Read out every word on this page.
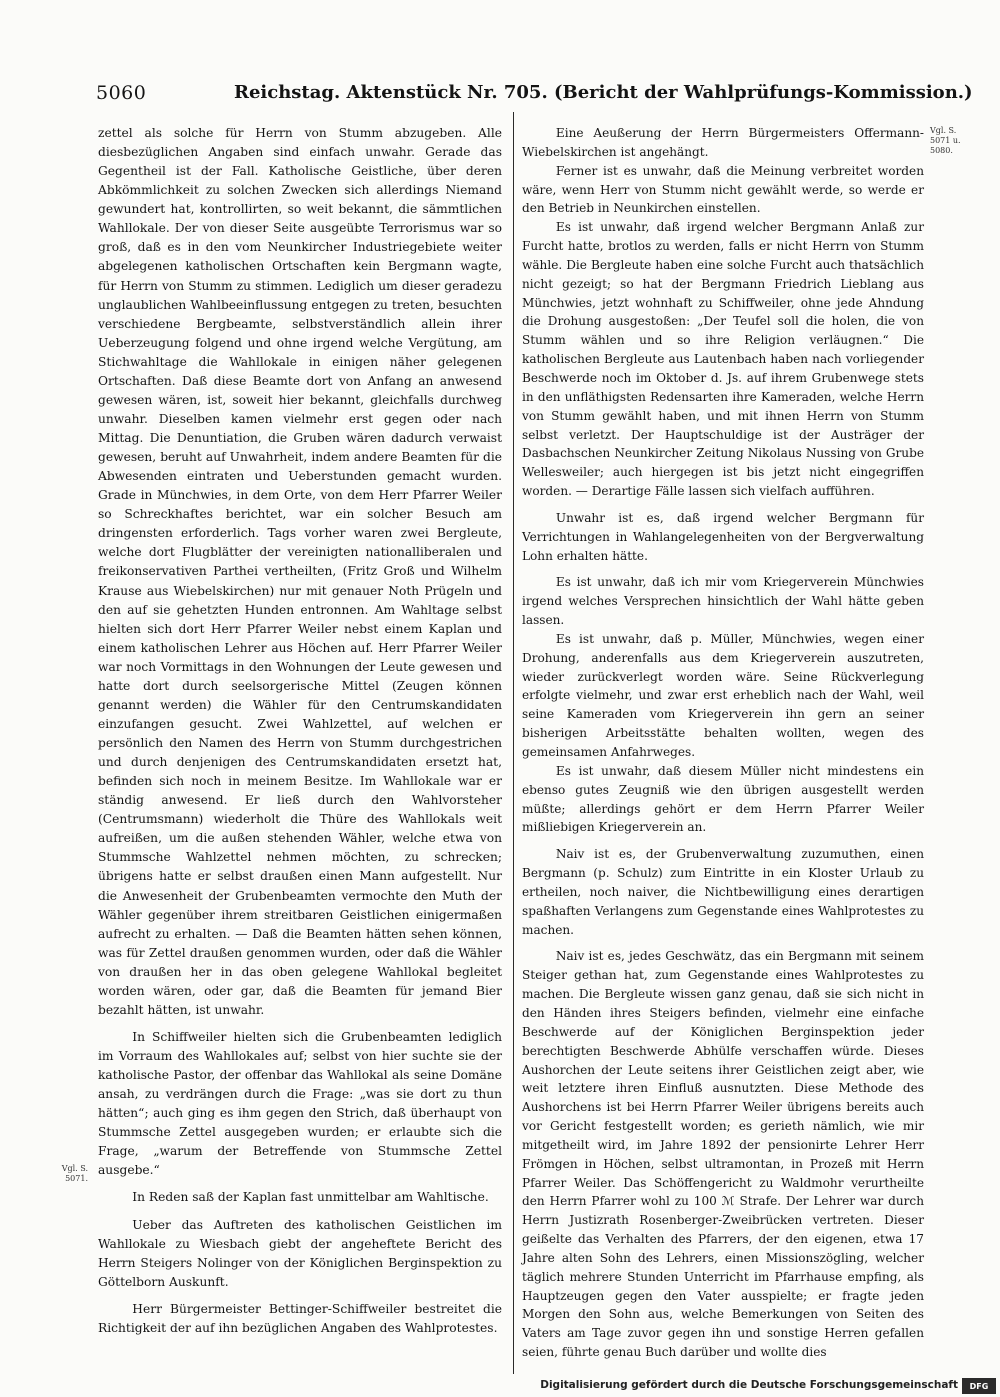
5060	Reichstag. Aktenstück Nr. 705. (Bericht der Wahlprüfungs-Kommission.)

zettel als solche für Herrn von Stumm abzugeben. Alle diesbezüglichen Angaben sind einfach unwahr. Gerade das Gegentheil ist der Fall. Katholische Geistliche, über deren Abkömmlichkeit zu solchen Zwecken sich allerdings Niemand gewundert hat, kontrollirten, so weit bekannt, die sämmtlichen Wahllokale. Der von dieser Seite ausgeübte Terrorismus war so groß, daß es in den vom Neunkircher Industriegebiete weiter abgelegenen katholischen Ortschaften kein Bergmann wagte, für Herrn von Stumm zu stimmen. Lediglich um dieser geradezu unglaublichen Wahlbeeinflussung entgegen zu treten, besuchten verschiedene Bergbeamte, selbstverständlich allein ihrer Ueberzeugung folgend und ohne irgend welche Vergütung, am Stichwahltage die Wahllokale in einigen näher gelegenen Ortschaften. Daß diese Beamte dort von Anfang an anwesend gewesen wären, ist, soweit hier bekannt, gleichfalls durchweg unwahr. Dieselben kamen vielmehr erst gegen oder nach Mittag. Die Denuntiation, die Gruben wären dadurch verwaist gewesen, beruht auf Unwahrheit, indem andere Beamten für die Abwesenden eintraten und Ueberstunden gemacht wurden. Grade in Münchwies, in dem Orte, von dem Herr Pfarrer Weiler so Schreckhaftes berichtet, war ein solcher Besuch am dringensten erforderlich. Tags vorher waren zwei Bergleute, welche dort Flugblätter der vereinigten nationalliberalen und freikonservativen Parthei vertheilten, (Fritz Groß und Wilhelm Krause aus Wiebelskirchen) nur mit genauer Noth Prügeln und den auf sie gehetzten Hunden entronnen. Am Wahltage selbst hielten sich dort Herr Pfarrer Weiler nebst einem Kaplan und einem katholischen Lehrer aus Höchen auf. Herr Pfarrer Weiler war noch Vormittags in den Wohnungen der Leute gewesen und hatte dort durch seelsorgerische Mittel (Zeugen können genannt werden) die Wähler für den Centrumskandidaten einzufangen gesucht. Zwei Wahlzettel, auf welchen er persönlich den Namen des Herrn von Stumm durchgestrichen und durch denjenigen des Centrumskandidaten ersetzt hat, befinden sich noch in meinem Besitze. Im Wahllokale war er ständig anwesend. Er ließ durch den Wahlvorsteher (Centrumsmann) wiederholt die Thüre des Wahllokals weit aufreißen, um die außen stehenden Wähler, welche etwa von Stummsche Wahlzettel nehmen möchten, zu schrecken; übrigens hatte er selbst draußen einen Mann aufgestellt. Nur die Anwesenheit der Grubenbeamten vermochte den Muth der Wähler gegenüber ihrem streitbaren Geistlichen einigermaßen aufrecht zu erhalten. — Daß die Beamten hätten sehen können, was für Zettel draußen genommen wurden, oder daß die Wähler von draußen her in das oben gelegene Wahllokal begleitet worden wären, oder gar, daß die Beamten für jemand Bier bezahlt hätten, ist unwahr.

In Schiffweiler hielten sich die Grubenbeamten lediglich im Vorraum des Wahllokales auf; selbst von hier suchte sie der katholische Pastor, der offenbar das Wahllokal als seine Domäne ansah, zu verdrängen durch die Frage: „was sie dort zu thun hätten“; auch ging es ihm gegen den Strich, daß überhaupt von Stummsche Zettel ausgegeben wurden; er erlaubte sich die Frage, „warum der Betreffende von Stummsche Zettel ausgebe.“

In Reden saß der Kaplan fast unmittelbar am Wahltische.

Ueber das Auftreten des katholischen Geistlichen im Wahllokale zu Wiesbach giebt der angeheftete Bericht des Herrn Steigers Nolinger von der Königlichen Berginspektion zu Göttelborn Auskunft.

Herr Bürgermeister Bettinger-Schiffweiler bestreitet die Richtigkeit der auf ihn bezüglichen Angaben des Wahlprotestes.

Eine Aeußerung der Herrn Bürgermeisters Offermann-Wiebelskirchen ist angehängt.

Ferner ist es unwahr, daß die Meinung verbreitet worden wäre, wenn Herr von Stumm nicht gewählt werde, so werde er den Betrieb in Neunkirchen einstellen.

Es ist unwahr, daß irgend welcher Bergmann Anlaß zur Furcht hatte, brotlos zu werden, falls er nicht Herrn von Stumm wähle. Die Bergleute haben eine solche Furcht auch thatsächlich nicht gezeigt; so hat der Bergmann Friedrich Lieblang aus Münchwies, jetzt wohnhaft zu Schiffweiler, ohne jede Ahndung die Drohung ausgestoßen: „Der Teufel soll die holen, die von Stumm wählen und so ihre Religion verläugnen.“ Die katholischen Bergleute aus Lautenbach haben nach vorliegender Beschwerde noch im Oktober d. Js. auf ihrem Grubenwege stets in den unfläthigsten Redensarten ihre Kameraden, welche Herrn von Stumm gewählt haben, und mit ihnen Herrn von Stumm selbst verletzt. Der Hauptschuldige ist der Austräger der Dasbachschen Neunkircher Zeitung Nikolaus Nussing von Grube Wellesweiler; auch hiergegen ist bis jetzt nicht eingegriffen worden. — Derartige Fälle lassen sich vielfach aufführen.

Unwahr ist es, daß irgend welcher Bergmann für Verrichtungen in Wahlangelegenheiten von der Bergverwaltung Lohn erhalten hätte.

Es ist unwahr, daß ich mir vom Kriegerverein Münchwies irgend welches Versprechen hinsichtlich der Wahl hätte geben lassen.

Es ist unwahr, daß p. Müller, Münchwies, wegen einer Drohung, anderenfalls aus dem Kriegerverein auszutreten, wieder zurückverlegt worden wäre. Seine Rückverlegung erfolgte vielmehr, und zwar erst erheblich nach der Wahl, weil seine Kameraden vom Kriegerverein ihn gern an seiner bisherigen Arbeitsstätte behalten wollten, wegen des gemeinsamen Anfahrweges.

Es ist unwahr, daß diesem Müller nicht mindestens ein ebenso gutes Zeugniß wie den übrigen ausgestellt werden müßte; allerdings gehört er dem Herrn Pfarrer Weiler mißliebigen Kriegerverein an.

Naiv ist es, der Grubenverwaltung zuzumuthen, einen Bergmann (p. Schulz) zum Eintritte in ein Kloster Urlaub zu ertheilen, noch naiver, die Nichtbewilligung eines derartigen spaßhaften Verlangens zum Gegenstande eines Wahlprotestes zu machen.

Naiv ist es, jedes Geschwätz, das ein Bergmann mit seinem Steiger gethan hat, zum Gegenstande eines Wahlprotestes zu machen. Die Bergleute wissen ganz genau, daß sie sich nicht in den Händen ihres Steigers befinden, vielmehr eine einfache Beschwerde auf der Königlichen Berginspektion jeder berechtigten Beschwerde Abhülfe verschaffen würde. Dieses Aushorchen der Leute seitens ihrer Geistlichen zeigt aber, wie weit letztere ihren Einfluß ausnutzten. Diese Methode des Aushorchens ist bei Herrn Pfarrer Weiler übrigens bereits auch vor Gericht festgestellt worden; es gerieth nämlich, wie mir mitgetheilt wird, im Jahre 1892 der pensionirte Lehrer Herr Frömgen in Höchen, selbst ultramontan, in Prozeß mit Herrn Pfarrer Weiler. Das Schöffengericht zu Waldmohr verurtheilte den Herrn Pfarrer wohl zu 100 ℳ Strafe. Der Lehrer war durch Herrn Justizrath Rosenberger-Zweibrücken vertreten. Dieser geißelte das Verhalten des Pfarrers, der den eigenen, etwa 17 Jahre alten Sohn des Lehrers, einen Missionszögling, welcher täglich mehrere Stunden Unterricht im Pfarrhause empfing, als Hauptzeugen gegen den Vater ausspielte; er fragte jeden Morgen den Sohn aus, welche Bemerkungen von Seiten des Vaters am Tage zuvor gegen ihn und sonstige Herren gefallen seien, führte genau Buch darüber und wollte dies

Vgl. S. 5071.
Vgl. S. 5071 u. 5080.
Digitalisierung gefördert durch die Deutsche Forschungsgemeinschaft	DFG
